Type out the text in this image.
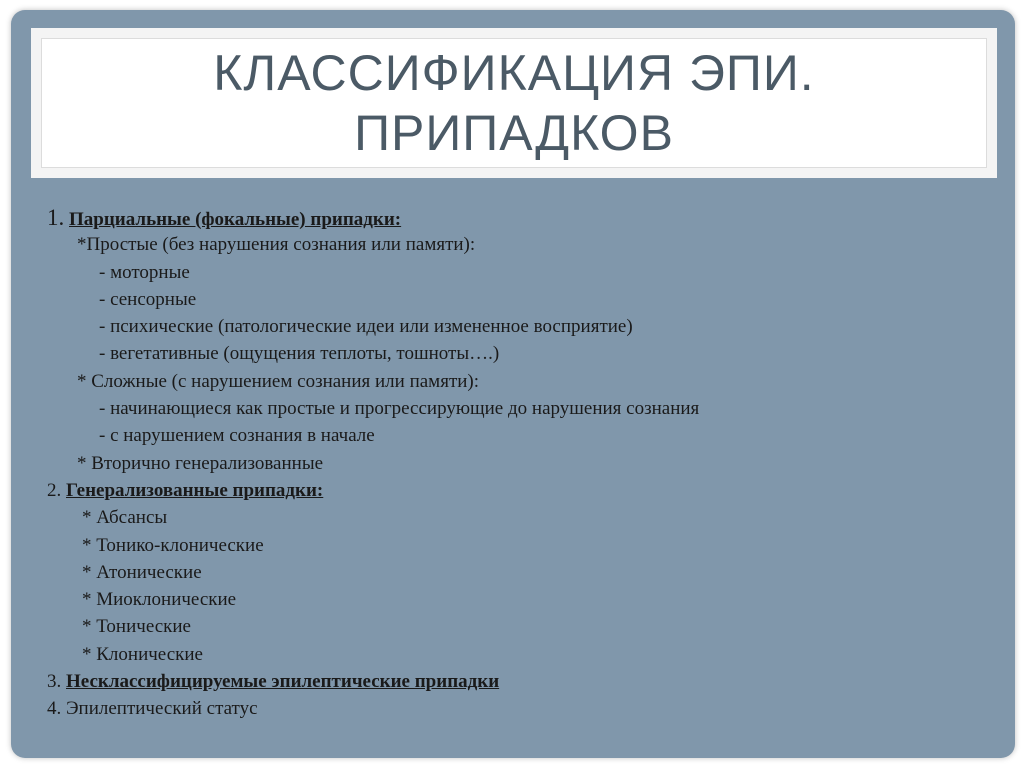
КЛАССИФИКАЦИЯ ЭПИ.
ПРИПАДКОВ
1. Парциальные (фокальные) припадки:
*Простые (без нарушения сознания или памяти):
- моторные
- сенсорные
- психические (патологические идеи или измененное восприятие)
- вегетативные (ощущения теплоты, тошноты….)
* Сложные (с нарушением сознания или памяти):
- начинающиеся как простые и прогрессирующие до нарушения сознания
- с нарушением сознания в начале
* Вторично генерализованные
2. Генерализованные припадки:
* Абсансы
* Тонико-клонические
* Атонические
* Миоклонические
* Тонические
* Клонические
3. Несклассифицируемые эпилептические припадки
4. Эпилептический статус
